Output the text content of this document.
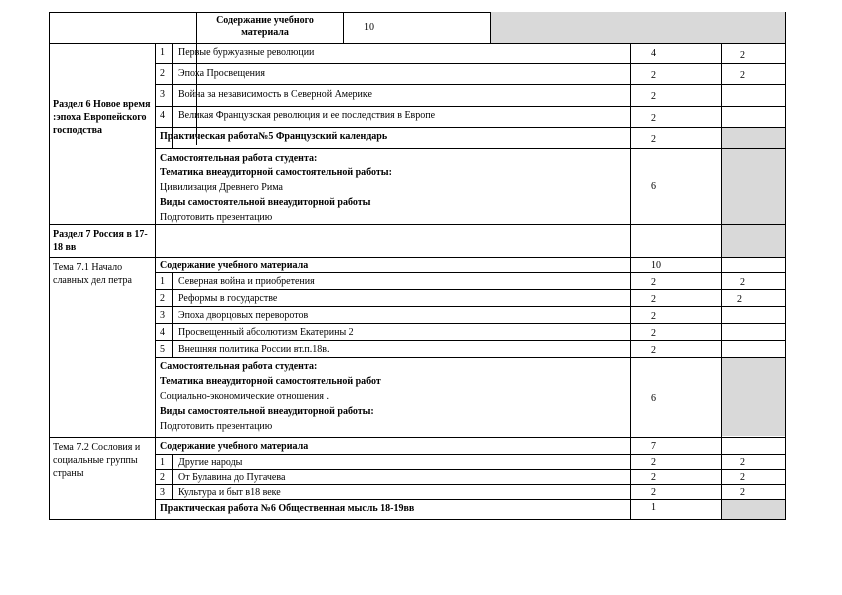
Содержание учебного материала	10
Раздел 6 Новое время :эпоха Европейского господства
1 Первые буржуазные революции	4	2
2 Эпоха Просвещения	2	2
3 Война за независимость в Северной Америке	2
4 Великая Французская революция и ее последствия в Европе	2
Практическая работа№5 Французский календарь	2
Самостоятельная работа студента:
Тематика внеаудиторной самостоятельной работы:
Цивилизация Древнего Рима
Виды самостоятельной внеаудиторной работы
Подготовить презентацию
6
Раздел 7 Россия в 17-18 вв
Тема 7.1 Начало славных дел петра
Содержание учебного материала	10
1 Северная война и приобретения	2	2
2 Реформы в государстве	2	2
3 Эпоха дворцовых переворотов	2
4 Просвещенный абсолютизм Екатерины 2	2
5 Внешняя политика России вт.п.18в.	2
Самостоятельная работа студента:
Тематика внеаудиторной самостоятельной работ
Социально-экономические отношения .
Виды самостоятельной внеаудиторной работы:
Подготовить презентацию
6
Тема 7.2 Сословия и социальные группы страны
Содержание учебного материала	7
1 Другие народы	2	2
2 От Булавина до Пугачева	2	2
3 Культура и быт в18 веке	2	2
Практическая работа №6 Общественная мысль 18-19вв	1
